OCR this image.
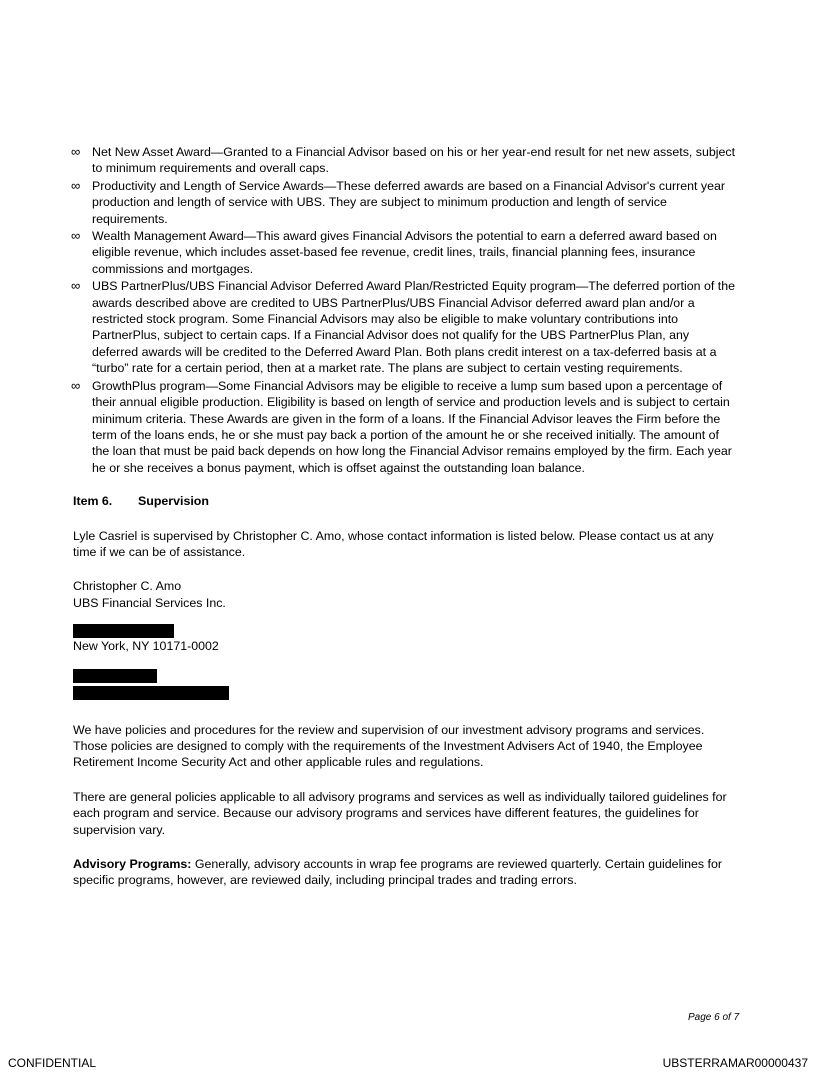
∞ Net New Asset Award—Granted to a Financial Advisor based on his or her year-end result for net new assets, subject to minimum requirements and overall caps.
∞ Productivity and Length of Service Awards—These deferred awards are based on a Financial Advisor's current year production and length of service with UBS. They are subject to minimum production and length of service requirements.
∞ Wealth Management Award—This award gives Financial Advisors the potential to earn a deferred award based on eligible revenue, which includes asset-based fee revenue, credit lines, trails, financial planning fees, insurance commissions and mortgages.
∞ UBS PartnerPlus/UBS Financial Advisor Deferred Award Plan/Restricted Equity program—The deferred portion of the awards described above are credited to UBS PartnerPlus/UBS Financial Advisor deferred award plan and/or a restricted stock program. Some Financial Advisors may also be eligible to make voluntary contributions into PartnerPlus, subject to certain caps. If a Financial Advisor does not qualify for the UBS PartnerPlus Plan, any deferred awards will be credited to the Deferred Award Plan. Both plans credit interest on a tax-deferred basis at a “turbo” rate for a certain period, then at a market rate. The plans are subject to certain vesting requirements.
∞ GrowthPlus program—Some Financial Advisors may be eligible to receive a lump sum based upon a percentage of their annual eligible production. Eligibility is based on length of service and production levels and is subject to certain minimum criteria. These Awards are given in the form of a loans. If the Financial Advisor leaves the Firm before the term of the loans ends, he or she must pay back a portion of the amount he or she received initially. The amount of the loan that must be paid back depends on how long the Financial Advisor remains employed by the firm. Each year he or she receives a bonus payment, which is offset against the outstanding loan balance.
Item 6. Supervision

Lyle Casriel is supervised by Christopher C. Amo, whose contact information is listed below. Please contact us at any time if we can be of assistance.

Christopher C. Amo
UBS Financial Services Inc.
New York, NY 10171-0002

We have policies and procedures for the review and supervision of our investment advisory programs and services. Those policies are designed to comply with the requirements of the Investment Advisers Act of 1940, the Employee Retirement Income Security Act and other applicable rules and regulations.

There are general policies applicable to all advisory programs and services as well as individually tailored guidelines for each program and service. Because our advisory programs and services have different features, the guidelines for supervision vary.

Advisory Programs: Generally, advisory accounts in wrap fee programs are reviewed quarterly. Certain guidelines for specific programs, however, are reviewed daily, including principal trades and trading errors.

Page 6 of 7
CONFIDENTIAL	UBSTERRAMAR00000437
